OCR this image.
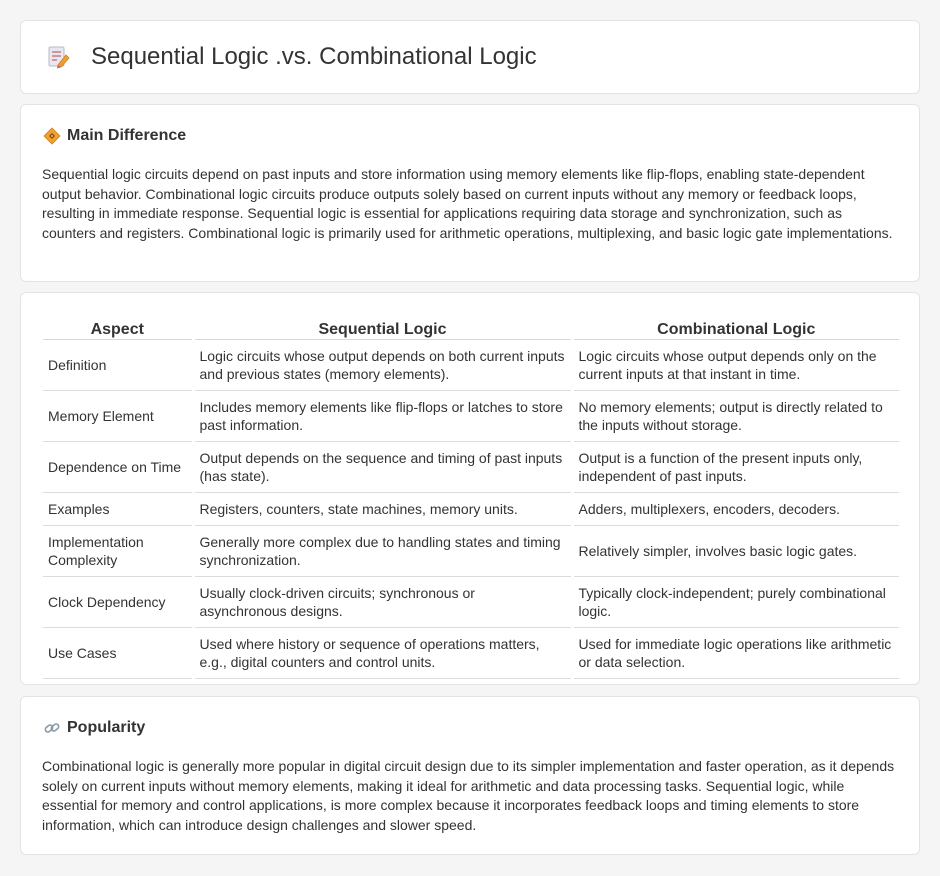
Sequential Logic .vs. Combinational Logic
Main Difference

Sequential logic circuits depend on past inputs and store information using memory elements like flip-flops, enabling state-dependent output behavior. Combinational logic circuits produce outputs solely based on current inputs without any memory or feedback loops, resulting in immediate response. Sequential logic is essential for applications requiring data storage and synchronization, such as counters and registers. Combinational logic is primarily used for arithmetic operations, multiplexing, and basic logic gate implementations.

Aspect	Sequential Logic	Combinational Logic
Definition	Logic circuits whose output depends on both current inputs and previous states (memory elements).	Logic circuits whose output depends only on the current inputs at that instant in time.
Memory Element	Includes memory elements like flip-flops or latches to store past information.	No memory elements; output is directly related to the inputs without storage.
Dependence on Time	Output depends on the sequence and timing of past inputs (has state).	Output is a function of the present inputs only, independent of past inputs.
Examples	Registers, counters, state machines, memory units.	Adders, multiplexers, encoders, decoders.
Implementation Complexity	Generally more complex due to handling states and timing synchronization.	Relatively simpler, involves basic logic gates.
Clock Dependency	Usually clock-driven circuits; synchronous or asynchronous designs.	Typically clock-independent; purely combinational logic.
Use Cases	Used where history or sequence of operations matters, e.g., digital counters and control units.	Used for immediate logic operations like arithmetic or data selection.
Popularity

Combinational logic is generally more popular in digital circuit design due to its simpler implementation and faster operation, as it depends solely on current inputs without memory elements, making it ideal for arithmetic and data processing tasks. Sequential logic, while essential for memory and control applications, is more complex because it incorporates feedback loops and timing elements to store information, which can introduce design challenges and slower speed.
